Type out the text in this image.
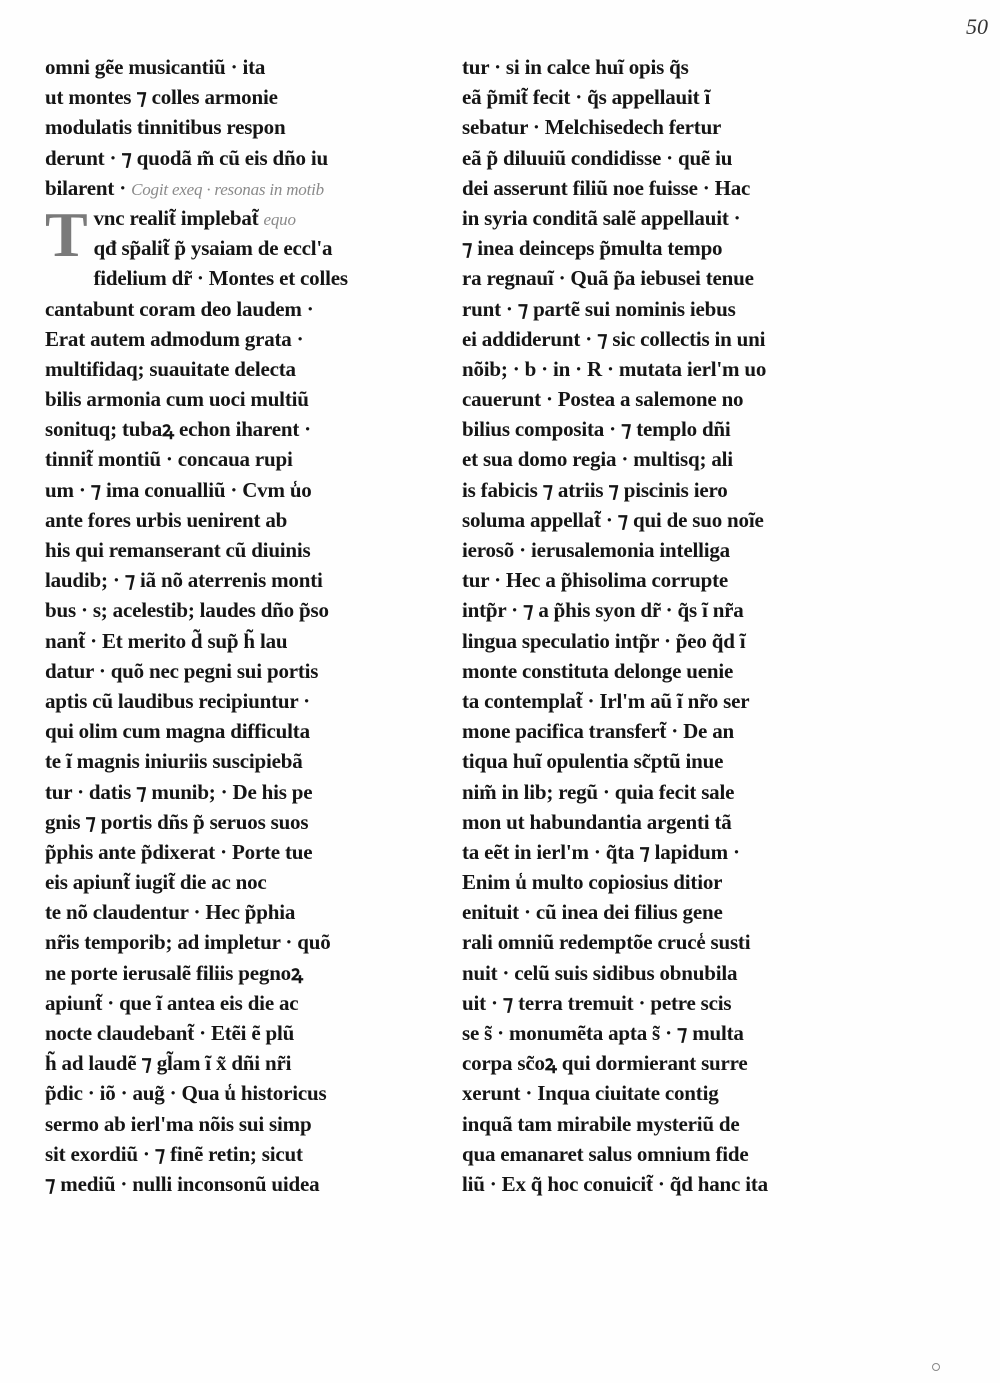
50
omni gẽe musicantiũ · ita
ut montes ⁊ colles armonie
modulatis tinnitibus respon
derunt · ⁊ quodã m̃ cũ eis dño iu
bilarent · Cogit exeq · resonas in motib
Tvnc realit̃ implebat̃ equo
qđ sp̃alit̃ p̃ ysaiam de eccl'a
fidelium dr̃ · Montes et colles
cantabunt coram deo laudem ·
Erat autem admodum grata ·
multifidaq; suauitate delecta
bilis armonia cum uoci multiũ
sonituq; tubaꝝ echon iharent ·
tinnit̃ montiũ · concaua rupi
um · ⁊ ima conualliũ · Cvm u̾o
ante fores urbis uenirent ab
his qui remanserant cũ diuinis
laudib; · ⁊ iã nõ aterrenis monti
bus · s; acelestib; laudes dño p̃so
nant̃ · Et merito d̃ sup̃ h̃ lau
datur · quõ nec pegni sui portis
aptis cũ laudibus recipiuntur ·
qui olim cum magna difficulta
te ĩ magnis iniuriis suscipiebã
tur · datis ⁊ munib; · De his pe
gnis ⁊ portis dñs p̃ seruos suos
p̃phis ante p̃dixerat · Porte tue
eis apiunt̃ iugit̃ die ac noc
te nõ claudentur · Hec p̃phia
nr̃is temporib; ad impletur · quõ
ne porte ierusalẽ filiis pegnoꝝ
apiunt̃ · que ĩ antea eis die ac
nocte claudebant̃ · Etẽi ẽ plũ
h̃ ad laudẽ ⁊ gl̃am ĩ x̃ dñi nr̃i
p̃dic · iõ · aug̃ · Qua u̾ historicus
sermo ab ierl'ma nõis sui simp
sit exordiũ · ⁊ finẽ retin; sicut
⁊ mediũ · nulli inconsonũ uidea
tur · si in calce huĩ opis q̃s
eã p̃mit̃ fecit · q̃s appellauit ĩ
sebatur · Melchisedech fertur
eã p̃ diluuiũ condidisse · quẽ iu
dei asserunt filiũ noe fuisse · Hac
in syria conditã salẽ appellauit ·
⁊ inea deinceps p̃multa tempo
ra regnauĩ · Quã p̃a iebusei tenue
runt · ⁊ partẽ sui nominis iebus
ei addiderunt · ⁊ sic collectis in uni
nõib; · b · in · R · mutata ierl'm uo
cauerunt · Postea a salemone no
bilius composita · ⁊ templo dñi
et sua domo regia · multisq; ali
is fabicis ⁊ atriis ⁊ piscinis iero
soluma appellat̃ · ⁊ qui de suo noĩe
ierosõ · ierusalemonia intelliga
tur · Hec a p̃hisolima corrupte
intp̃r · ⁊ a p̃his syon dr̃ · q̃s ĩ nr̃a
lingua speculatio intp̃r · p̃eo q̃d ĩ
monte constituta delonge uenie
ta contemplat̃ · Irl'm aũ ĩ nr̃o ser
mone pacifica transfert̃ · De an
tiqua huĩ opulentia sc̃ptũ inue
nim̃ in lib; regũ · quia fecit sale
mon ut habundantia argenti tã
ta eẽt in ierl'm · q̃ta ⁊ lapidum ·
Enim u̾ multo copiosius ditior
enituit · cũ inea dei filius gene
rali omniũ redemptõe cruce̾ susti
nuit · celũ suis sidibus obnubila
uit · ⁊ terra tremuit · petre scis
se s̃ · monumẽta apta s̃ · ⁊ multa
corpa sc̃oꝝ qui dormierant surre
xerunt · Inqua ciuitate contig
inquã tam mirabile mysteriũ de
qua emanaret salus omnium fide
liũ · Ex q̃ hoc conuicit̃ · q̃d hanc ita
